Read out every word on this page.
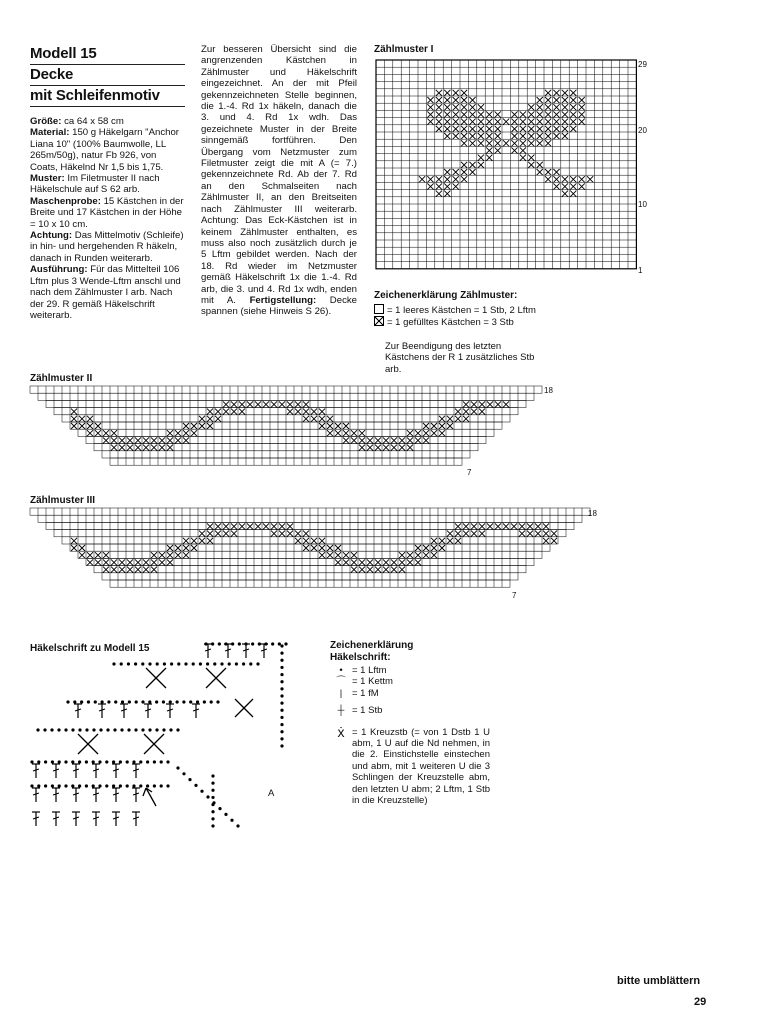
Modell 15
Decke
mit Schleifenmotiv

Größe: ca 64 x 58 cm

Material: 150 g Häkelgarn "Anchor Liana 10" (100% Baumwolle, LL 265m/50g), natur Fb 926, von Coats, Häkelnd Nr 1,5 bis 1,75.

Muster: Im Filetmuster II nach Häkelschule auf S 62 arb.

Maschenprobe: 15 Kästchen in der Breite und 17 Kästchen in der Höhe = 10 x 10 cm.

Achtung: Das Mittelmotiv (Schleife) in hin- und hergehenden R häkeln, danach in Runden weiterarb.

Ausführung: Für das Mittelteil 106 Lftm plus 3 Wende-Lftm anschl und nach dem Zählmuster I arb. Nach der 29. R gemäß Häkelschrift weiterarb.

Zur besseren Übersicht sind die angrenzenden Kästchen in Zählmuster und Häkelschrift eingezeichnet. An der mit Pfeil gekennzeichneten Stelle beginnen, die 1.-4. Rd 1x häkeln, danach die 3. und 4. Rd 1x wdh. Das gezeichnete Muster in der Breite sinngemäß fortführen. Den Übergang vom Netzmuster zum Filetmuster zeigt die mit A (= 7.) gekennzeichnete Rd. Ab der 7. Rd an den Schmalseiten nach Zählmuster II, an den Breitseiten nach Zählmuster III weiterarb. Achtung: Das Eck-Kästchen ist in keinem Zählmuster enthalten, es muss also noch zusätzlich durch je 5 Lftm gebildet werden. Nach der 18. Rd wieder im Netzmuster gemäß Häkelschrift 1x die 1.-4. Rd arb, die 3. und 4. Rd 1x wdh, enden mit A. Fertigstellung: Decke spannen (siehe Hinweis S 26).
Zählmuster I
29
20
10
1
Zeichenerklärung Zählmuster:
= 1 leeres Kästchen = 1 Stb, 2 Lftm
= 1 gefülltes Kästchen = 3 Stb
Zur Beendigung des letzten Kästchens der R 1 zusätzliches Stb arb.
Zählmuster II
18
7
Zählmuster III
18
7
Häkelschrift zu Modell 15
A
Zeichenerklärung
Häkelschrift:
• = 1 Lftm
⌒ = 1 Kettm
|	= 1 fM
┼ = 1 Stb
ẋ = 1 Kreuzstb (= von 1 Dstb 1 U abm, 1 U auf die Nd nehmen, in die 2. Einstichstelle einstechen und abm, mit 1 weiteren U die 3 Schlingen der Kreuzstelle abm, den letzten U abm; 2 Lftm, 1 Stb in die Kreuzstelle)
bitte umblättern
29
